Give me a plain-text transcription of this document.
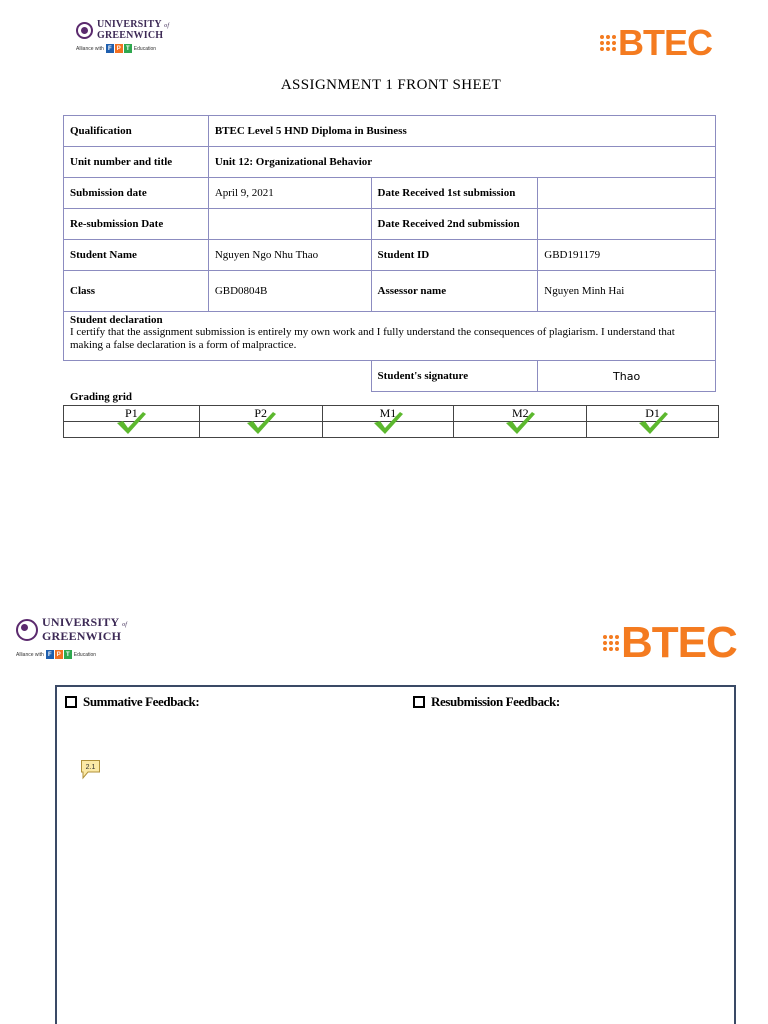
UNIVERSITY of
GREENWICH
Alliance with F P T Education	BTEC
ASSIGNMENT 1 FRONT SHEET
Qualification	BTEC Level 5 HND Diploma in Business		
Unit number and title	Unit 12: Organizational Behavior		
Submission date	April 9, 2021	Date Received 1st submission	
Re-submission Date		Date Received 2nd submission	
Student Name	Nguyen Ngo Nhu Thao	Student ID	GBD191179
Class	GBD0804B	Assessor name	Nguyen Minh Hai

Student declaration
I certify that the assignment submission is entirely my own work and I fully understand the consequences of plagiarism. I understand that making a false declaration is a form of malpractice.			

		Student's signature	Thao
Grading grid
P1	P2	M1	M2	D1

UNIVERSITY of
GREENWICH
Alliance with F P T Education	BTEC
Summative Feedback:	Resubmission Feedback:
2.1
